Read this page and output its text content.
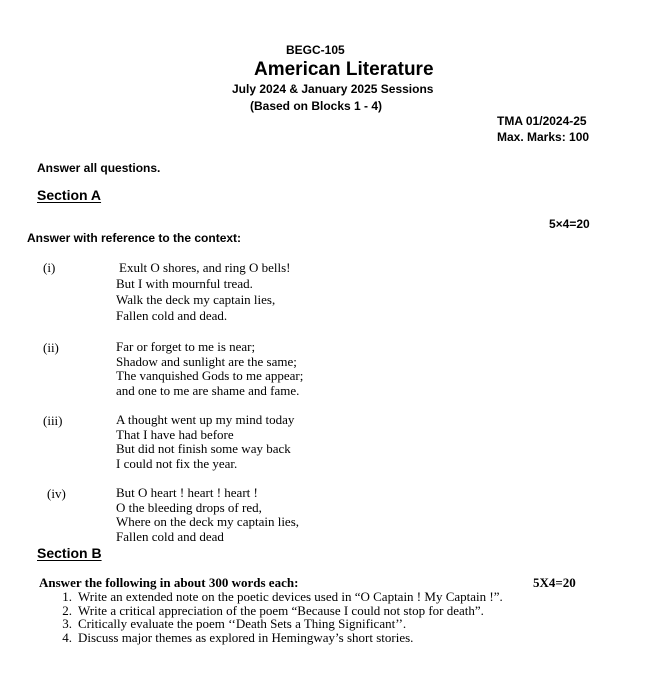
BEGC-105
American Literature
July 2024 & January 2025 Sessions
(Based on Blocks 1 - 4)
TMA 01/2024-25
Max. Marks: 100
Answer all questions.
Section A
5×4=20
Answer with reference to the context:
(i)	Exult O shores, and ring O bells!
But I with mournful tread.
Walk the deck my captain lies,
Fallen cold and dead.
(ii)	Far or forget to me is near;
Shadow and sunlight are the same;
The vanquished Gods to me appear;
and one to me are shame and fame.
(iii)	A thought went up my mind today
That I have had before
But did not finish some way back
I could not fix the year.
(iv)	But O heart ! heart ! heart !
O the bleeding drops of red,
Where on the deck my captain lies,
Fallen cold and dead
Section B
Answer the following in about 300 words each:	5X4=20
1. Write an extended note on the poetic devices used in “O Captain ! My Captain !”.
2. Write a critical appreciation of the poem “Because I could not stop for death”.
3. Critically evaluate the poem ‘‘Death Sets a Thing Significant’’.
4. Discuss major themes as explored in Hemingway’s short stories.
